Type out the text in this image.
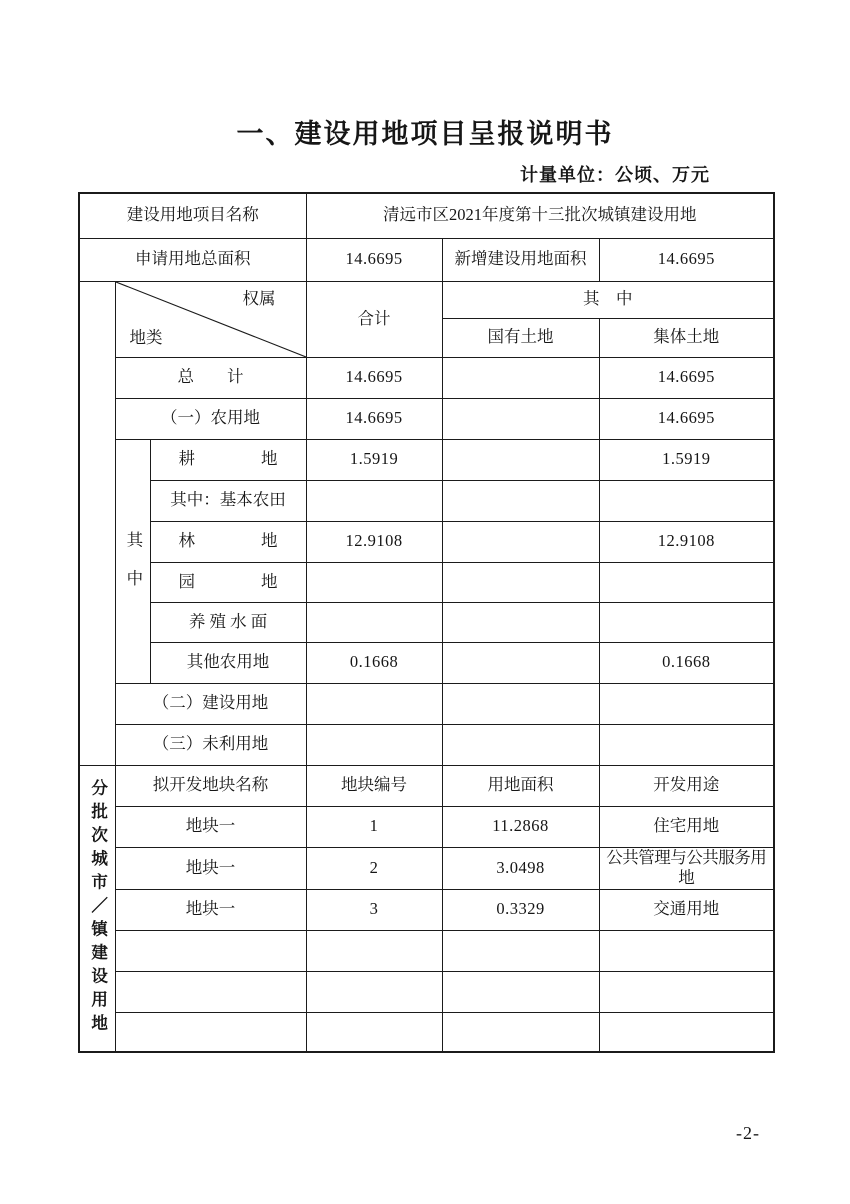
一、建设用地项目呈报说明书
计量单位：公顷、万元
建设用地项目名称			清远市区2021年度第十三批次城镇建设用地		
申请用地总面积			14.6695	新增建设用地面积	14.6695

	权属
地类		合计	其　中	
				国有土地	集体土地
	总　　计		14.6695		14.6695
	（一）农用地		14.6695		14.6695
	其中	耕　　　　地	1.5919		1.5919
		其中：基本农田			
		林　　　　地	12.9108		12.9108
		园　　　　地			
		养 殖 水 面			
		其他农用地	0.1668		0.1668
	（二）建设用地				
	（三）未利用地				
分批次城市／镇建设用地	拟开发地块名称		地块编号	用地面积	开发用途
	地块一		1	11.2868	住宅用地
	地块一		2	3.0498	公共管理与公共服务用地
	地块一		3	0.3329	交通用地

-2-
